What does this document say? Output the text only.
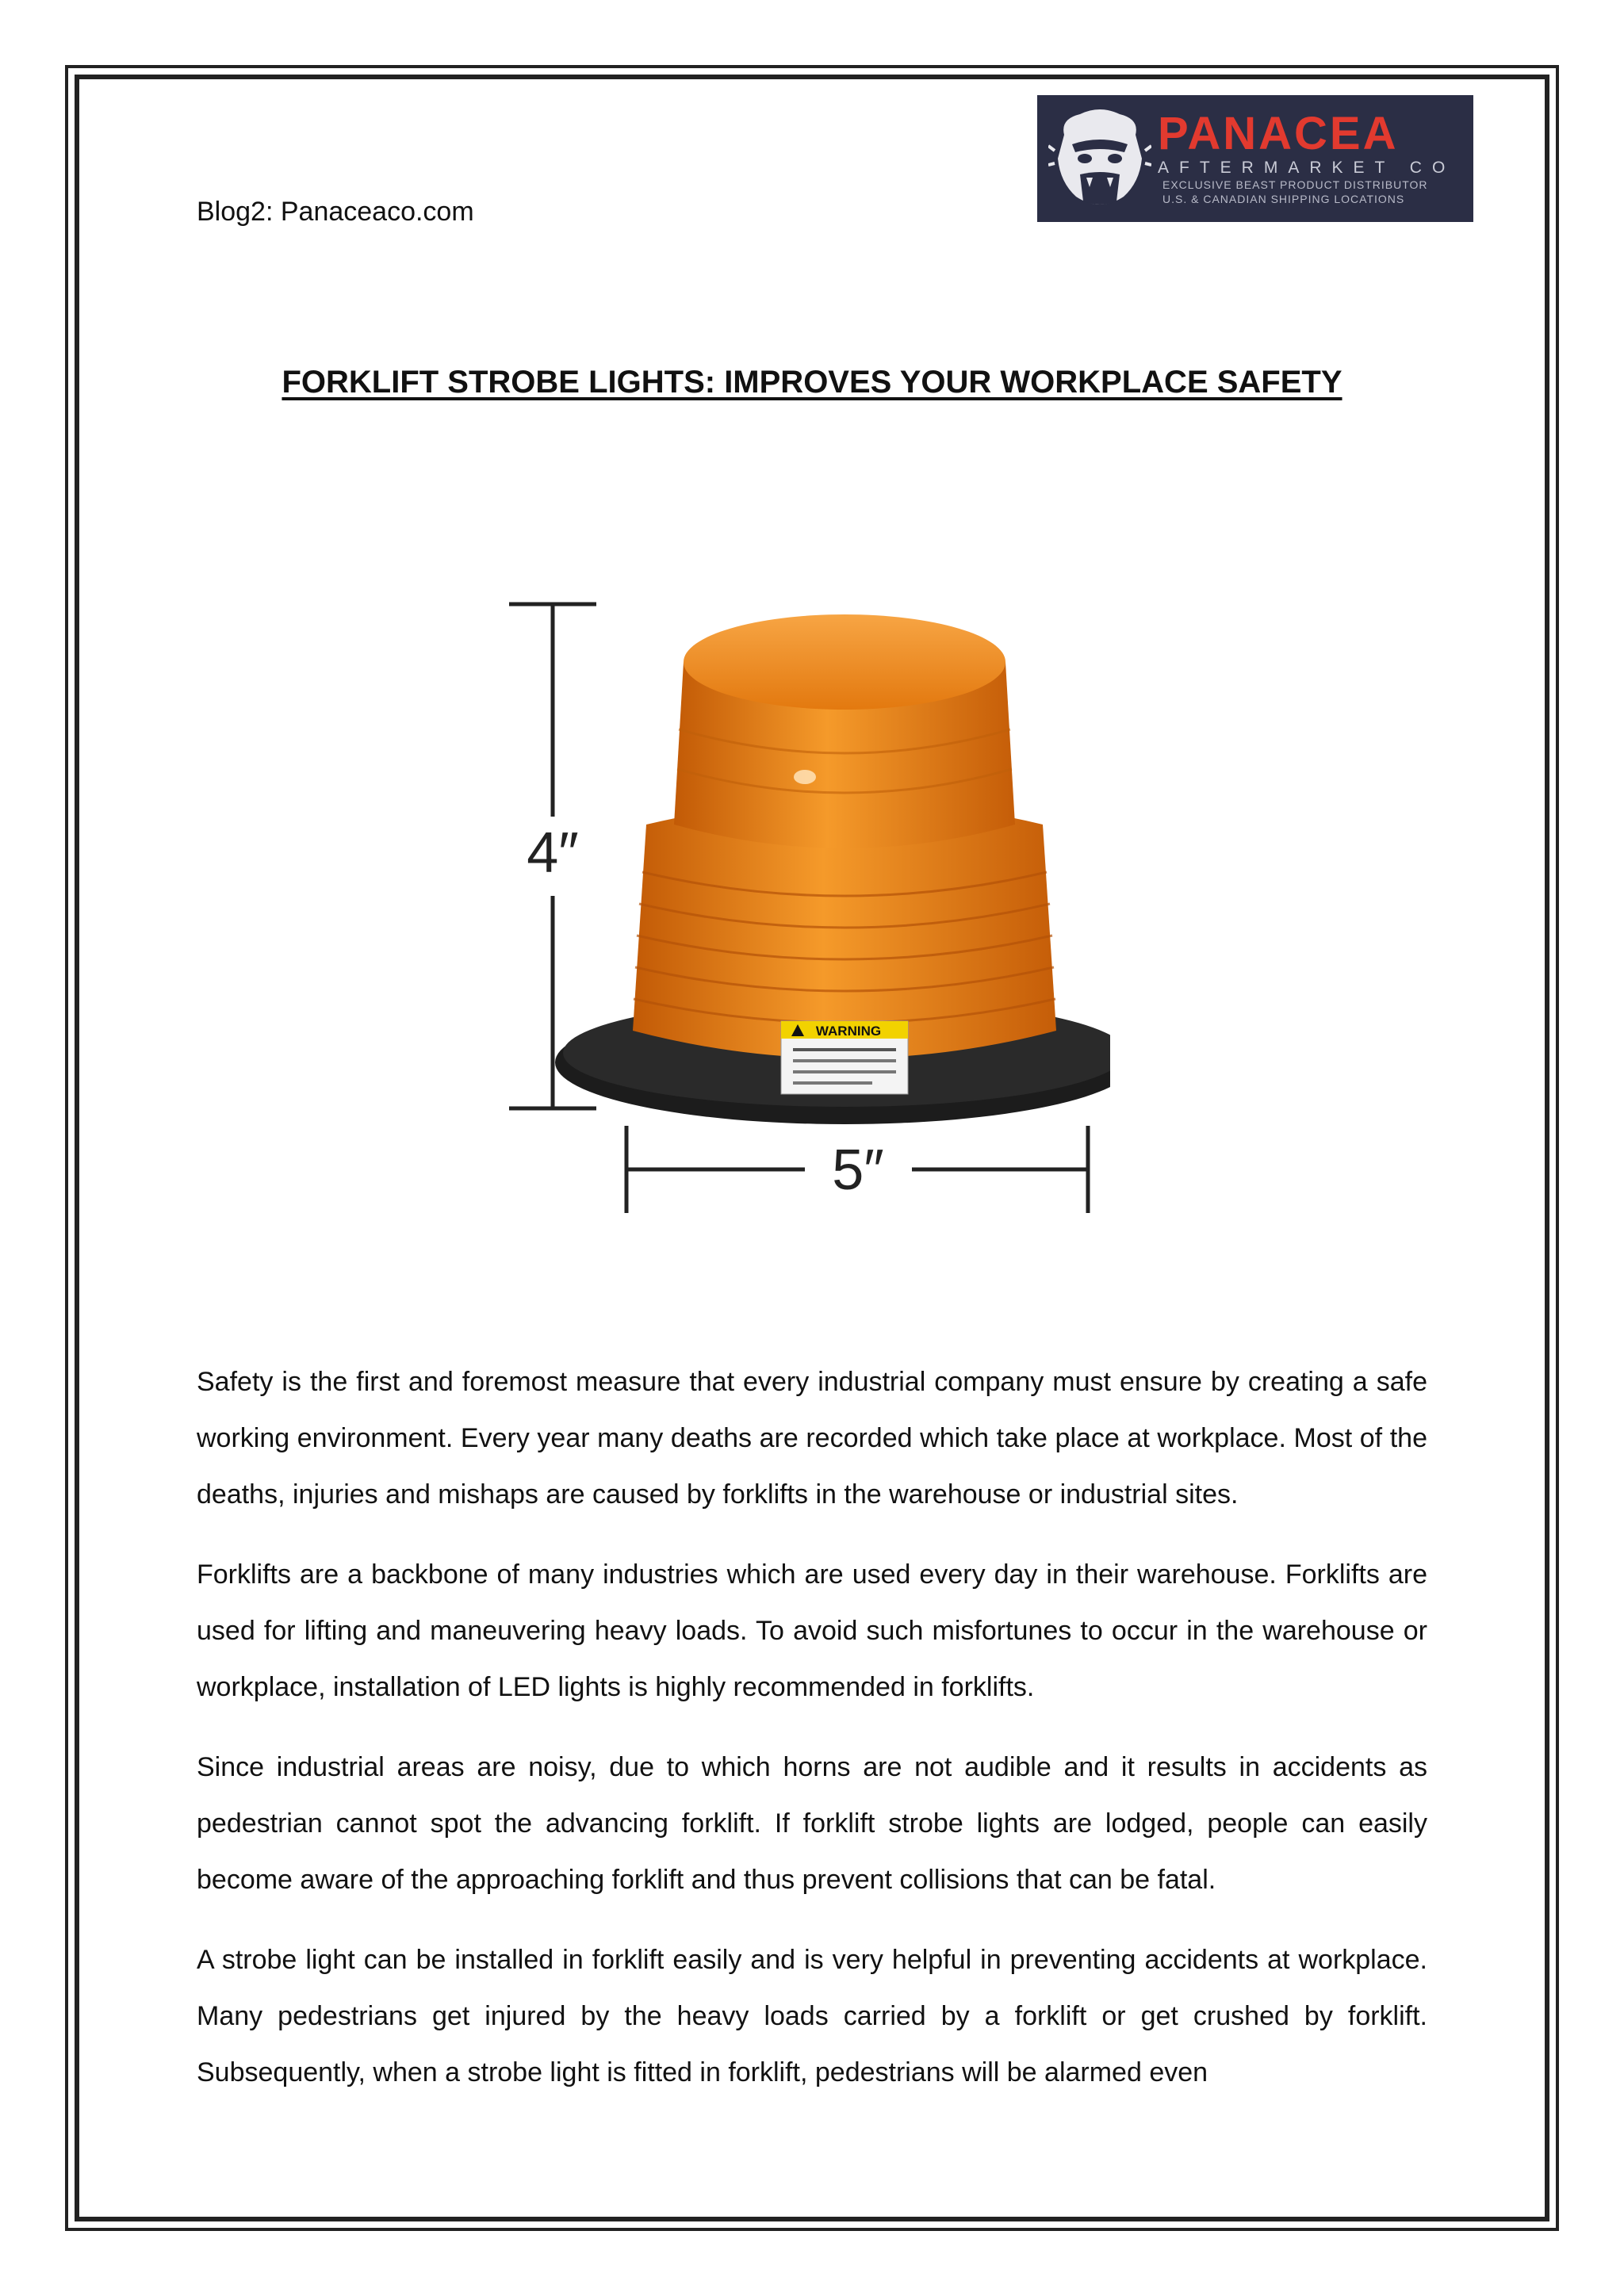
Blog2: Panaceaco.com
PANACEA
AFTERMARKET CO
EXCLUSIVE BEAST PRODUCT DISTRIBUTOR
U.S. & CANADIAN SHIPPING LOCATIONS
FORKLIFT STROBE LIGHTS: IMPROVES YOUR WORKPLACE SAFETY
4″
WARNING
5″

Safety is the first and foremost measure that every industrial company must ensure by creating a safe working environment. Every year many deaths are recorded which take place at workplace. Most of the deaths, injuries and mishaps are caused by forklifts in the warehouse or industrial sites.

Forklifts are a backbone of many industries which are used every day in their warehouse. Forklifts are used for lifting and maneuvering heavy loads. To avoid such misfortunes to occur in the warehouse or workplace, installation of LED lights is highly recommended in forklifts.

Since industrial areas are noisy, due to which horns are not audible and it results in accidents as pedestrian cannot spot the advancing forklift. If forklift strobe lights are lodged, people can easily become aware of the approaching forklift and thus prevent collisions that can be fatal.

A strobe light can be installed in forklift easily and is very helpful in preventing accidents at workplace. Many pedestrians get injured by the heavy loads carried by a forklift or get crushed by forklift. Subsequently, when a strobe light is fitted in forklift, pedestrians will be alarmed even
